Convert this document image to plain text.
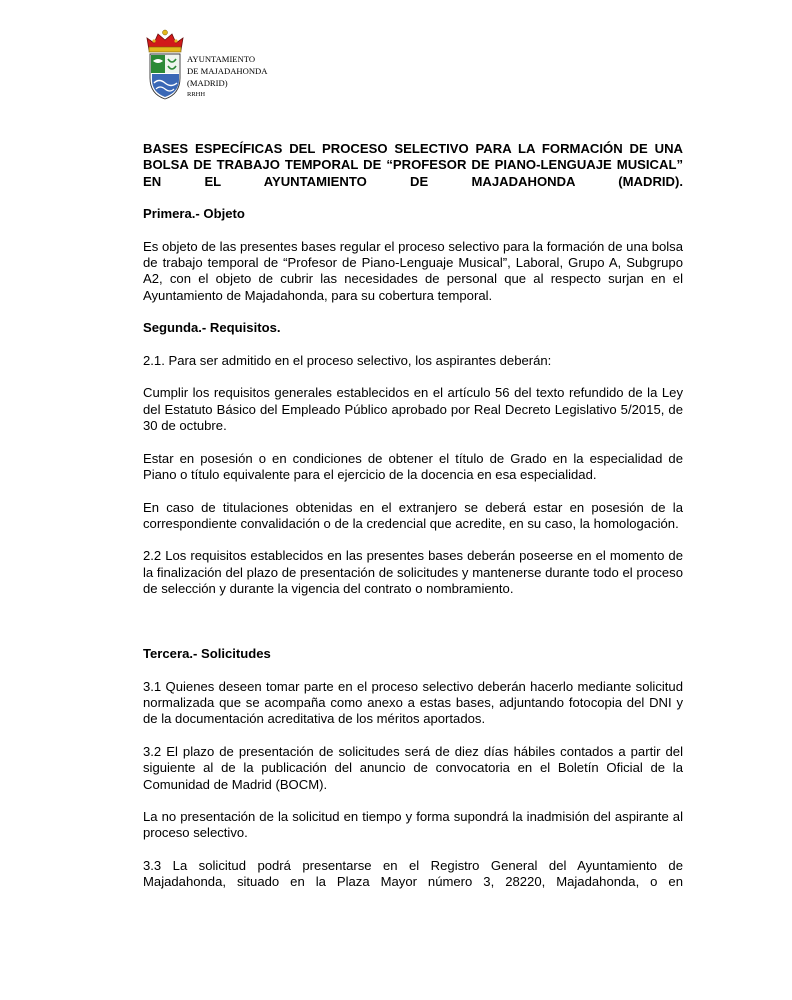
AYUNTAMIENTO
DE MAJADAHONDA
(MADRID)
RRHH

BASES ESPECÍFICAS DEL PROCESO SELECTIVO PARA LA FORMACIÓN DE UNA BOLSA DE TRABAJO TEMPORAL DE “PROFESOR DE PIANO-LENGUAJE MUSICAL” EN EL AYUNTAMIENTO DE MAJADAHONDA (MADRID).

Primera.- Objeto

Es objeto de las presentes bases regular el proceso selectivo para la formación de una bolsa de trabajo temporal de “Profesor de Piano-Lenguaje Musical”, Laboral, Grupo A, Subgrupo A2, con el objeto de cubrir las necesidades de personal que al respecto surjan en el Ayuntamiento de Majadahonda, para su cobertura temporal.

Segunda.- Requisitos.

2.1. Para ser admitido en el proceso selectivo, los aspirantes deberán:

Cumplir los requisitos generales establecidos en el artículo 56 del texto refundido de la Ley del Estatuto Básico del Empleado Público aprobado por Real Decreto Legislativo 5/2015, de 30 de octubre.

Estar en posesión o en condiciones de obtener el título de Grado en la especialidad de Piano o título equivalente para el ejercicio de la docencia en esa especialidad.

En caso de titulaciones obtenidas en el extranjero se deberá estar en posesión de la correspondiente convalidación o de la credencial que acredite, en su caso, la homologación.

2.2 Los requisitos establecidos en las presentes bases deberán poseerse en el momento de la finalización del plazo de presentación de solicitudes y mantenerse durante todo el proceso de selección y durante la vigencia del contrato o nombramiento.

Tercera.- Solicitudes

3.1 Quienes deseen tomar parte en el proceso selectivo deberán hacerlo mediante solicitud normalizada que se acompaña como anexo a estas bases, adjuntando fotocopia del DNI y de la documentación acreditativa de los méritos aportados.

3.2 El plazo de presentación de solicitudes será de diez días hábiles contados a partir del siguiente al de la publicación del anuncio de convocatoria en el Boletín Oficial de la Comunidad de Madrid (BOCM).

La no presentación de la solicitud en tiempo y forma supondrá la inadmisión del aspirante al proceso selectivo.

3.3 La solicitud podrá presentarse en el Registro General del Ayuntamiento de Majadahonda, situado en la Plaza Mayor número 3, 28220, Majadahonda, o en
